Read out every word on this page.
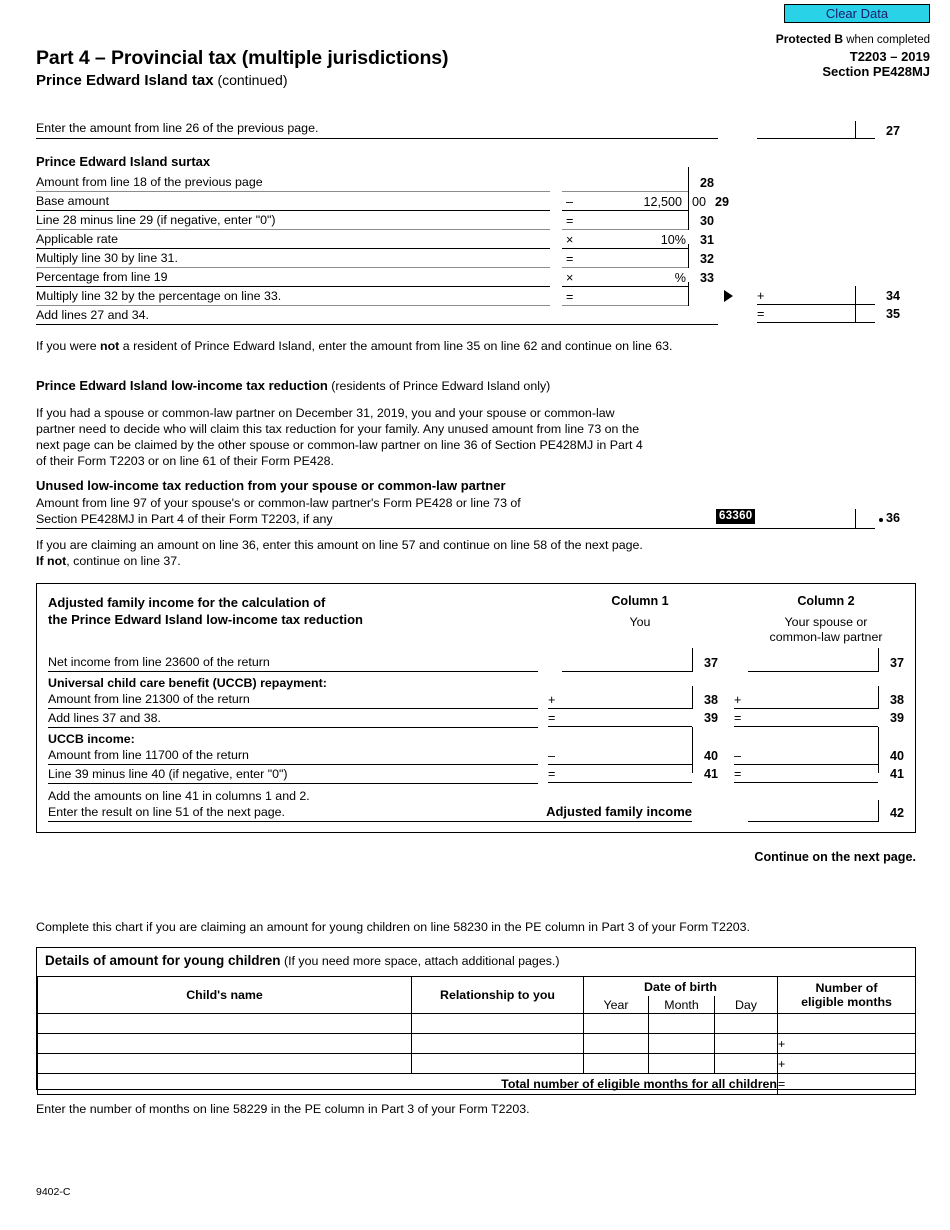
Clear Data
Protected B when completed
T2203 – 2019
Section PE428MJ
Part 4 – Provincial tax (multiple jurisdictions)
Prince Edward Island tax (continued)
Enter the amount from line 26 of the previous page.	27
Prince Edward Island surtax
Amount from line 18 of the previous page	28
Base amount	–	12,500 00 29
Line 28 minus line 29 (if negative, enter "0")	=	30
Applicable rate	×	10% 31
Multiply line 30 by line 31.	=	32
Percentage from line 19	×	% 33
Multiply line 32 by the percentage on line 33.	=	+	34
Add lines 27 and 34.	=	35
If you were not a resident of Prince Edward Island, enter the amount from line 35 on line 62 and continue on line 63.
Prince Edward Island low-income tax reduction (residents of Prince Edward Island only)
If you had a spouse or common-law partner on December 31, 2019, you and your spouse or common-law
partner need to decide who will claim this tax reduction for your family. Any unused amount from line 73 on the
next page can be claimed by the other spouse or common-law partner on line 36 of Section PE428MJ in Part 4
of their Form T2203 or on line 61 of their Form PE428.
Unused low-income tax reduction from your spouse or common-law partner
Amount from line 97 of your spouse's or common-law partner's Form PE428 or line 73 of
Section PE428MJ in Part 4 of their Form T2203, if any	63360	36
If you are claiming an amount on line 36, enter this amount on line 57 and continue on line 58 of the next page.
If not, continue on line 37.
Adjusted family income for the calculation of
the Prince Edward Island low-income tax reduction
Column 1
You
Column 2
Your spouse or
common-law partner
Net income from line 23600 of the return	37	37
Universal child care benefit (UCCB) repayment:
Amount from line 21300 of the return	+	38 +	38
Add lines 37 and 38.	=	39 =	39
UCCB income:
Amount from line 11700 of the return	–	40 –	40
Line 39 minus line 40 (if negative, enter "0")	=	41 =	41
Add the amounts on line 41 in columns 1 and 2.
Enter the result on line 51 of the next page.	Adjusted family income	42
Continue on the next page.
Complete this chart if you are claiming an amount for young children on line 58230 in the PE column in Part 3 of your Form T2203.
Details of amount for young children (If you need more space, attach additional pages.)
Child's name	Relationship to you	Date of birth			Number of
eligible months

		Year	Month	Day	

					+
					+
Total number of eligible months for all children					=
Enter the number of months on line 58229 in the PE column in Part 3 of your Form T2203.
9402-C
